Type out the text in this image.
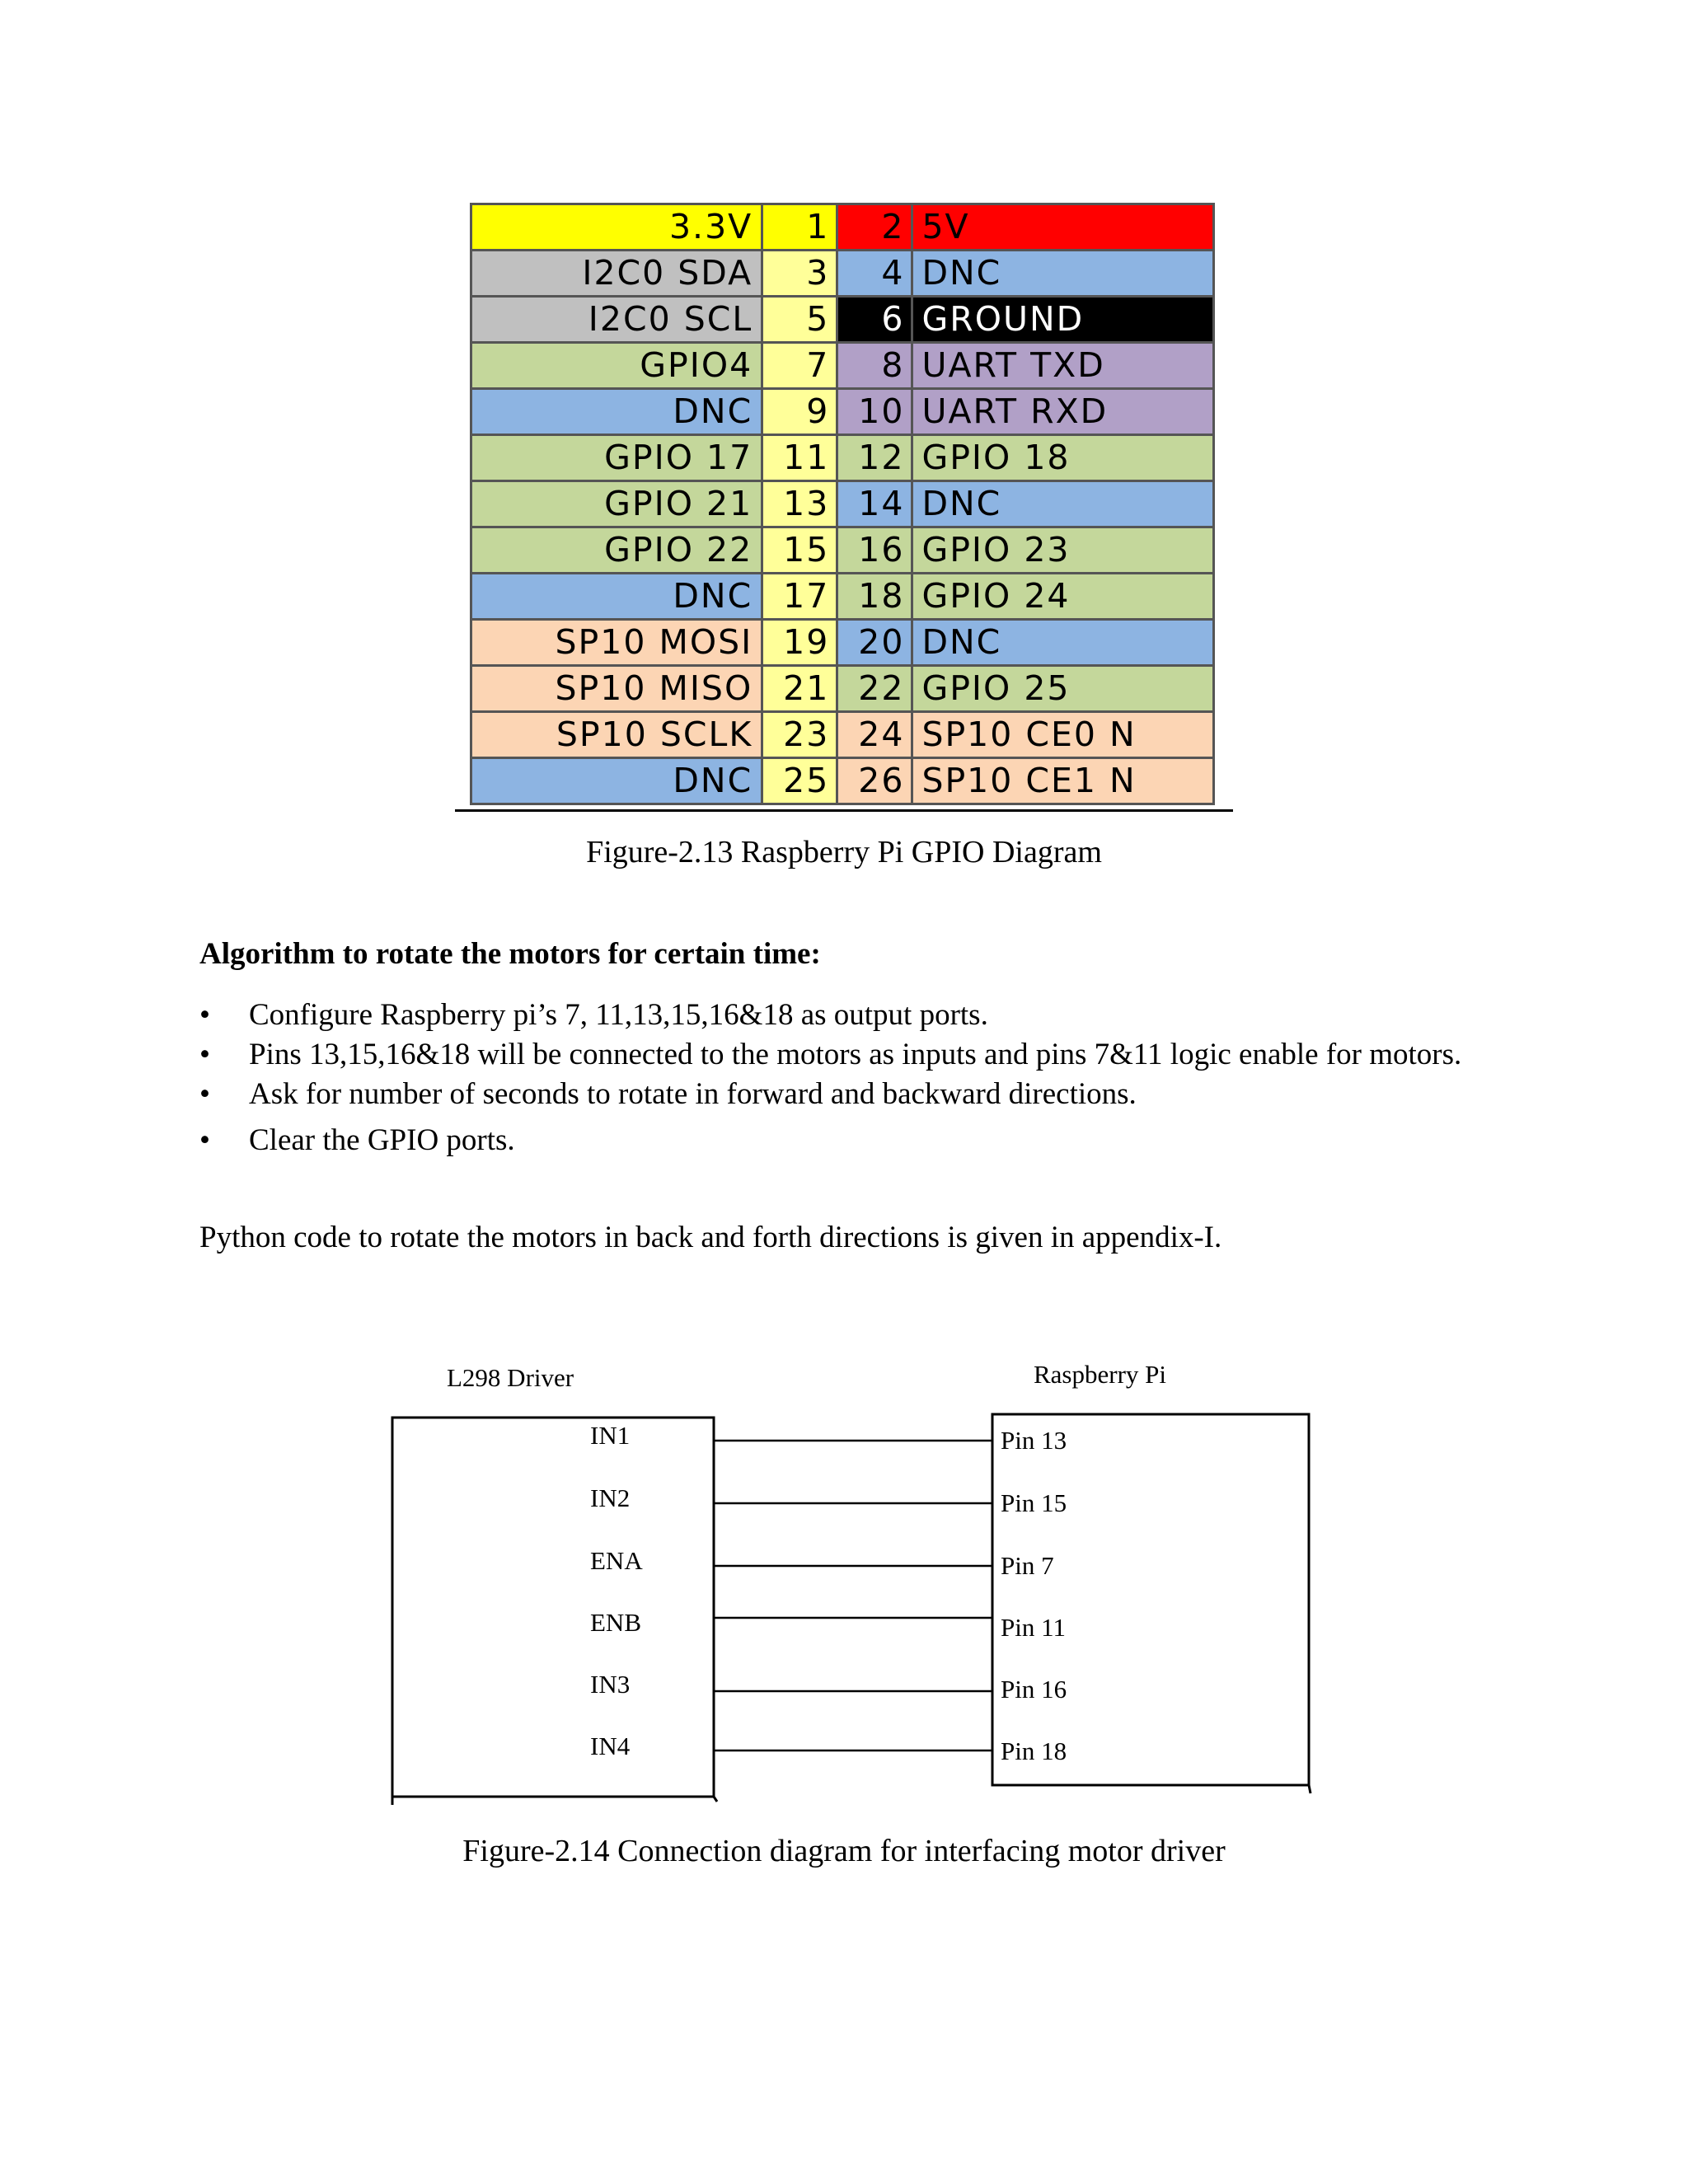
3.3V	1	2	5V
I2C0 SDA	3	4	DNC
I2C0 SCL	5	6	GROUND
GPIO4	7	8	UART TXD
DNC	9	10	UART RXD
GPIO 17	11	12	GPIO 18
GPIO 21	13	14	DNC
GPIO 22	15	16	GPIO 23
DNC	17	18	GPIO 24
SP10 MOSI	19	20	DNC
SP10 MISO	21	22	GPIO 25
SP10 SCLK	23	24	SP10 CE0 N
DNC	25	26	SP10 CE1 N
Figure-2.13 Raspberry Pi GPIO Diagram
Algorithm to rotate the motors for certain time:
• Configure Raspberry pi’s 7, 11,13,15,16&18 as output ports.
• Pins 13,15,16&18 will be connected to the motors as inputs and pins 7&11 logic enable for motors.
• Ask for number of seconds to rotate in forward and backward directions.
• Clear the GPIO ports.
Python code to rotate the motors in back and forth directions is given in appendix-I.
L298 Driver	Raspberry Pi
IN1
IN2
ENA
ENB
IN3
IN4
Pin 13
Pin 15
Pin 7
Pin 11
Pin 16
Pin 18
Figure-2.14 Connection diagram for interfacing motor driver
